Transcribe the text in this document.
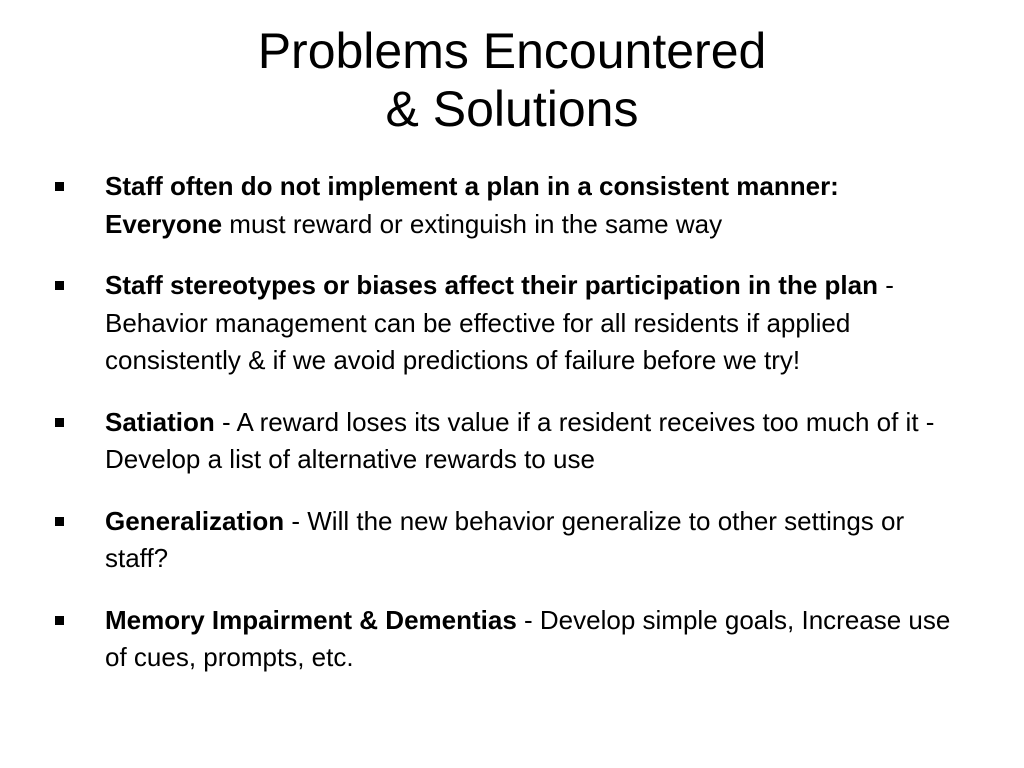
Problems Encountered
& Solutions
Staff often do not implement a plan in a consistent manner:
Everyone must reward or extinguish in the same way
Staff stereotypes or biases affect their participation in the plan - Behavior management can be effective for all residents if applied consistently & if we avoid predictions of failure before we try!
Satiation - A reward loses its value if a resident receives too much of it - Develop a list of alternative rewards to use
Generalization - Will the new behavior generalize to other settings or staff?
Memory Impairment & Dementias - Develop simple goals, Increase use of cues, prompts, etc.
